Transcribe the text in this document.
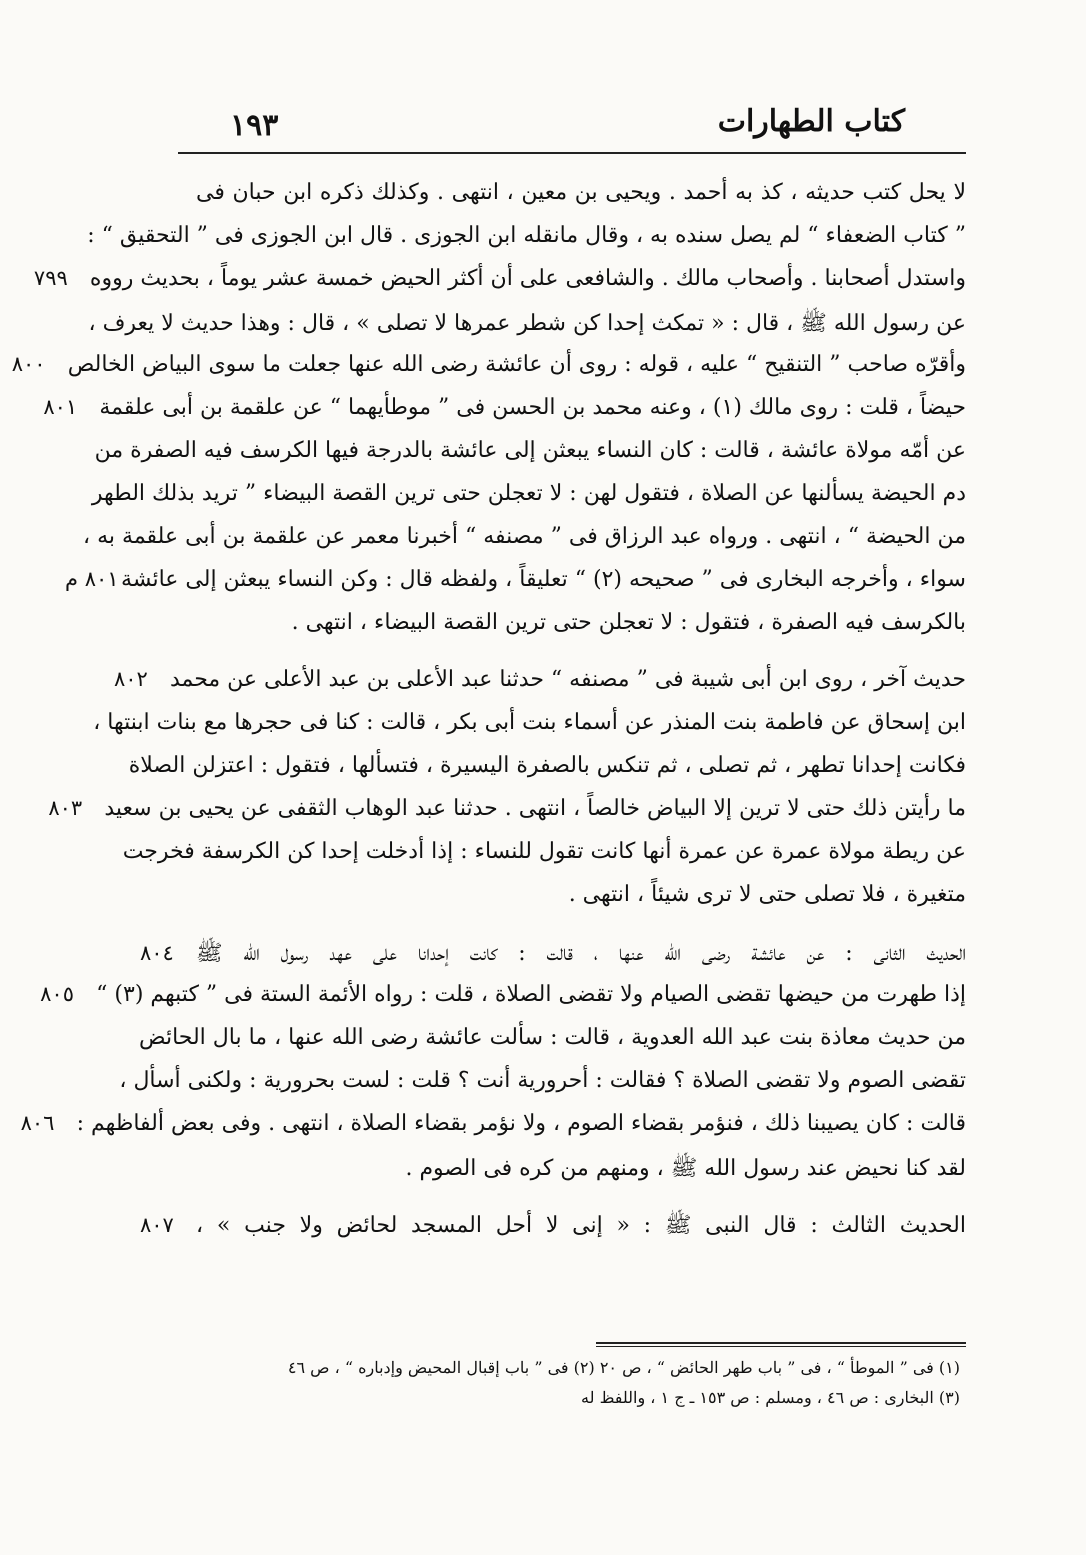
كتاب الطهارات
١٩٣
لا يحل كتب حديثه ، كذ به أحمد . ويحيى بن معين ، انتهى . وكذلك ذكره ابن حبان فى
” كتاب الضعفاء “ لم يصل سنده به ، وقال مانقله ابن الجوزى . قال ابن الجوزى فى ” التحقيق “ :
واستدل أصحابنا . وأصحاب مالك . والشافعى على أن أكثر الحيض خمسة عشر يوماً ، بحديث رووه
٧٩٩
عن رسول الله ﷺ ، قال : « تمكث إحدا كن شطر عمرها لا تصلى » ، قال : وهذا حديث لا يعرف ،
وأقرّه صاحب ” التنقيح “ عليه ، قوله : روى أن عائشة رضى الله عنها جعلت ما سوى البياض الخالص
٨٠٠
حيضاً ، قلت : روى مالك (١) ، وعنه محمد بن الحسن فى ” موطأيهما “ عن علقمة بن أبى علقمة
٨٠١
عن أمّه مولاة عائشة ، قالت : كان النساء يبعثن إلى عائشة بالدرجة فيها الكرسف فيه الصفرة من
دم الحيضة يسألنها عن الصلاة ، فتقول لهن : لا تعجلن حتى ترين القصة البيضاء ” تريد بذلك الطهر
من الحيضة “ ، انتهى . ورواه عبد الرزاق فى ” مصنفه “ أخبرنا معمر عن علقمة بن أبى علقمة به ،
سواء ، وأخرجه البخارى فى ” صحيحه (٢) “ تعليقاً ، ولفظه قال : وكن النساء يبعثن إلى عائشة
٨٠١ م
بالكرسف فيه الصفرة ، فتقول : لا تعجلن حتى ترين القصة البيضاء ، انتهى .
حديث آخر ، روى ابن أبى شيبة فى ” مصنفه “ حدثنا عبد الأعلى بن عبد الأعلى عن محمد
٨٠٢
ابن إسحاق عن فاطمة بنت المنذر عن أسماء بنت أبى بكر ، قالت : كنا فى حجرها مع بنات ابنتها ،
فكانت إحدانا تطهر ، ثم تصلى ، ثم تنكس بالصفرة اليسيرة ، فتسألها ، فتقول : اعتزلن الصلاة
ما رأيتن ذلك حتى لا ترين إلا البياض خالصاً ، انتهى . حدثنا عبد الوهاب الثقفى عن يحيى بن سعيد
٨٠٣
عن ريطة مولاة عمرة عن عمرة أنها كانت تقول للنساء : إذا أدخلت إحدا كن الكرسفة فخرجت
متغيرة ، فلا تصلى حتى لا ترى شيئاً ، انتهى .
الحديث الثانى : عن عائشة رضى الله عنها ، قالت : كانت إحدانا على عهد رسول الله ﷺ
٨٠٤
إذا طهرت من حيضها تقضى الصيام ولا تقضى الصلاة ، قلت : رواه الأئمة الستة فى ” كتبهم (٣) “
٨٠٥
من حديث معاذة بنت عبد الله العدوية ، قالت : سألت عائشة رضى الله عنها ، ما بال الحائض
تقضى الصوم ولا تقضى الصلاة ؟ فقالت : أحرورية أنت ؟ قلت : لست بحرورية : ولكنى أسأل ،
قالت : كان يصيبنا ذلك ، فنؤمر بقضاء الصوم ، ولا نؤمر بقضاء الصلاة ، انتهى . وفى بعض ألفاظهم :
٨٠٦
لقد كنا نحيض عند رسول الله ﷺ ، ومنهم من كره فى الصوم .
الحديث الثالث : قال النبى ﷺ : « إنى لا أحل المسجد لحائض ولا جنب » ،
٨٠٧
(١) فى ” الموطأ “ ، فى ” باب طهر الحائض “ ، ص ٢٠ (٢) فى ” باب إقبال المحيض وإدباره “ ، ص ٤٦
(٣) البخارى : ص ٤٦ ، ومسلم : ص ١٥٣ ـ ج ١ ، واللفظ له
